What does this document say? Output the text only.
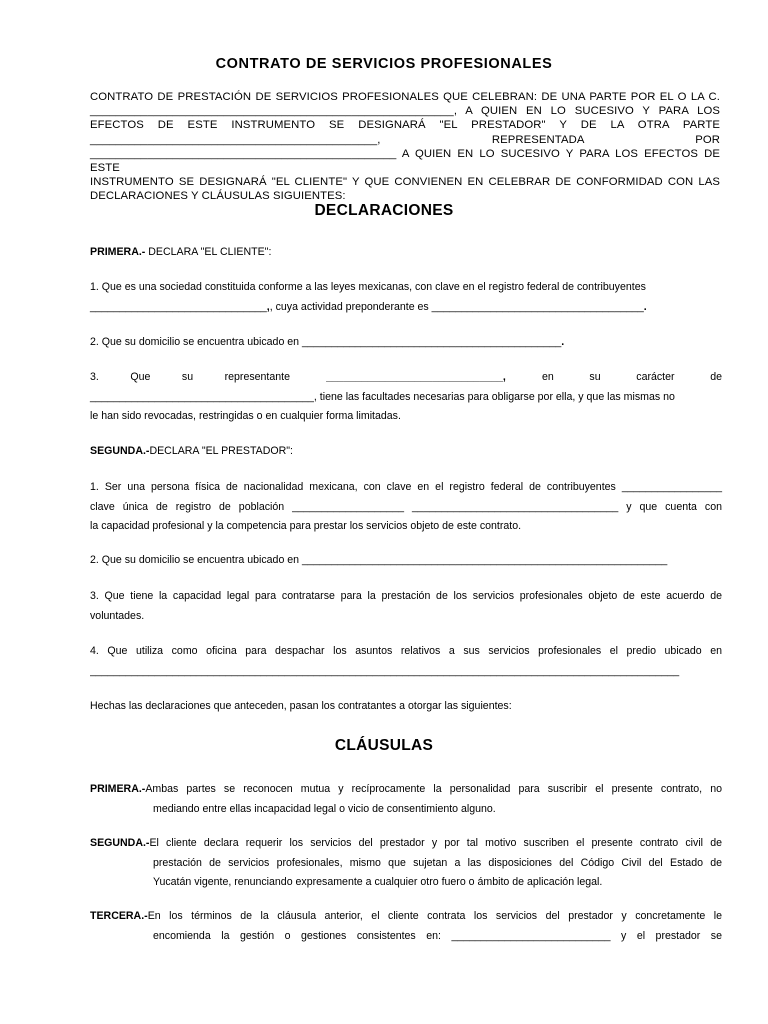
CONTRATO DE SERVICIOS PROFESIONALES

CONTRATO DE PRESTACIÓN DE SERVICIOS PROFESIONALES QUE CELEBRAN: DE UNA PARTE POR EL O LA C.

_________________________________________________________, A QUIEN EN LO SUCESIVO Y PARA LOS

EFECTOS DE ESTE INSTRUMENTO SE DESIGNARÁ "EL PRESTADOR" Y DE LA OTRA PARTE

_____________________________________________, REPRESENTADA POR

________________________________________________ A QUIEN EN LO SUCESIVO Y PARA LOS EFECTOS DE ESTE

INSTRUMENTO SE DESIGNARÁ "EL CLIENTE" Y QUE CONVIENEN EN CELEBRAR DE CONFORMIDAD CON LAS

DECLARACIONES Y CLÁUSULAS SIGUIENTES:

DECLARACIONES

PRIMERA.- DECLARA "EL CLIENTE":

1. Que es una sociedad constituida conforme a las leyes mexicanas, con clave en el registro federal de contribuyentes

______________________________,, cuya actividad preponderante es ____________________________________.

2. Que su domicilio se encuentra ubicado en ____________________________________________.

3.	Que	su	representante	______________________________,	en	su	carácter	de

______________________________________, tiene las facultades necesarias para obligarse por ella, y que las mismas no

le han sido revocadas, restringidas o en cualquier forma limitadas.

SEGUNDA.-DECLARA "EL PRESTADOR":

1. Ser una persona física de nacionalidad mexicana, con clave en el registro federal de contribuyentes _________________

clave única de registro de población ___________________ ___________________________________ y que cuenta con

la capacidad profesional y la competencia para prestar los servicios objeto de este contrato.

2. Que su domicilio se encuentra ubicado en ______________________________________________________________

3. Que tiene la capacidad legal para contratarse para la prestación de los servicios profesionales objeto de este acuerdo de

voluntades.

4. Que utiliza como oficina para despachar los asuntos relativos a sus servicios profesionales el predio ubicado en

____________________________________________________________________________________________________

Hechas las declaraciones que anteceden, pasan los contratantes a otorgar las siguientes:

CLÁUSULAS
PRIMERA.- Ambas partes se reconocen mutua y recíprocamente la personalidad para suscribir el presente contrato, no
mediando entre ellas incapacidad legal o vicio de consentimiento alguno.
SEGUNDA.- El cliente declara requerir los servicios del prestador y por tal motivo suscriben el presente contrato civil de
prestación de servicios profesionales, mismo que sujetan a las disposiciones del Código Civil del Estado de
Yucatán vigente, renunciando expresamente a cualquier otro fuero o ámbito de aplicación legal.
TERCERA.- En los términos de la cláusula anterior, el cliente contrata los servicios del prestador y concretamente le
encomienda la gestión o gestiones consistentes en: ___________________________ y el prestador se
